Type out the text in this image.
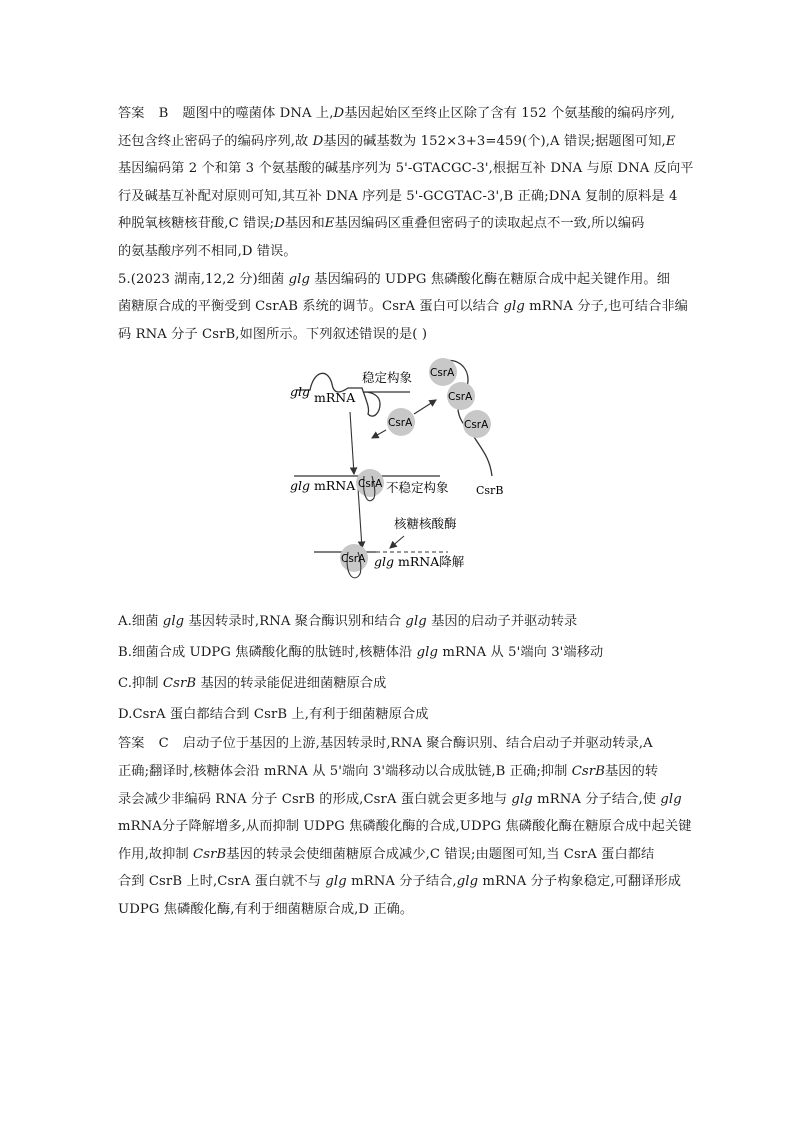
答案 B 题图中的噬菌体 DNA 上,D基因起始区至终止区除了含有 152 个氨基酸的编码序列,
还包含终止密码子的编码序列,故 D基因的碱基数为 152×3+3=459(个),A 错误;据题图可知,E
基因编码第 2 个和第 3 个氨基酸的碱基序列为 5'-GTACGC-3',根据互补 DNA 与原 DNA 反向平
行及碱基互补配对原则可知,其互补 DNA 序列是 5'-GCGTAC-3',B 正确;DNA 复制的原料是 4
种脱氧核糖核苷酸,C 错误;D基因和E基因编码区重叠但密码子的读取起点不一致,所以编码
的氨基酸序列不相同,D 错误。
5.(2023 湖南,12,2 分)细菌 glg 基因编码的 UDPG 焦磷酸化酶在糖原合成中起关键作用。细
菌糖原合成的平衡受到 CsrAB 系统的调节。CsrA 蛋白可以结合 glg mRNA 分子,也可结合非编
码 RNA 分子 CsrB,如图所示。下列叙述错误的是( )
glg mRNA
稳定构象 CsrA
CsrA
CsrA
CsrA
CsrB
glg mRNA CsrA 不稳定构象
核糖核酸酶
CsrA glg mRNA降解
A.细菌 glg 基因转录时,RNA 聚合酶识别和结合 glg 基因的启动子并驱动转录
B.细菌合成 UDPG 焦磷酸化酶的肽链时,核糖体沿 glg mRNA 从 5'端向 3'端移动
C.抑制 CsrB 基因的转录能促进细菌糖原合成
D.CsrA 蛋白都结合到 CsrB 上,有利于细菌糖原合成
答案 C 启动子位于基因的上游,基因转录时,RNA 聚合酶识别、结合启动子并驱动转录,A
正确;翻译时,核糖体会沿 mRNA 从 5'端向 3'端移动以合成肽链,B 正确;抑制 CsrB基因的转
录会减少非编码 RNA 分子 CsrB 的形成,CsrA 蛋白就会更多地与 glg mRNA 分子结合,使 glg
mRNA分子降解增多,从而抑制 UDPG 焦磷酸化酶的合成,UDPG 焦磷酸化酶在糖原合成中起关键
作用,故抑制 CsrB基因的转录会使细菌糖原合成减少,C 错误;由题图可知,当 CsrA 蛋白都结
合到 CsrB 上时,CsrA 蛋白就不与 glg mRNA 分子结合,glg mRNA 分子构象稳定,可翻译形成
UDPG 焦磷酸化酶,有利于细菌糖原合成,D 正确。
